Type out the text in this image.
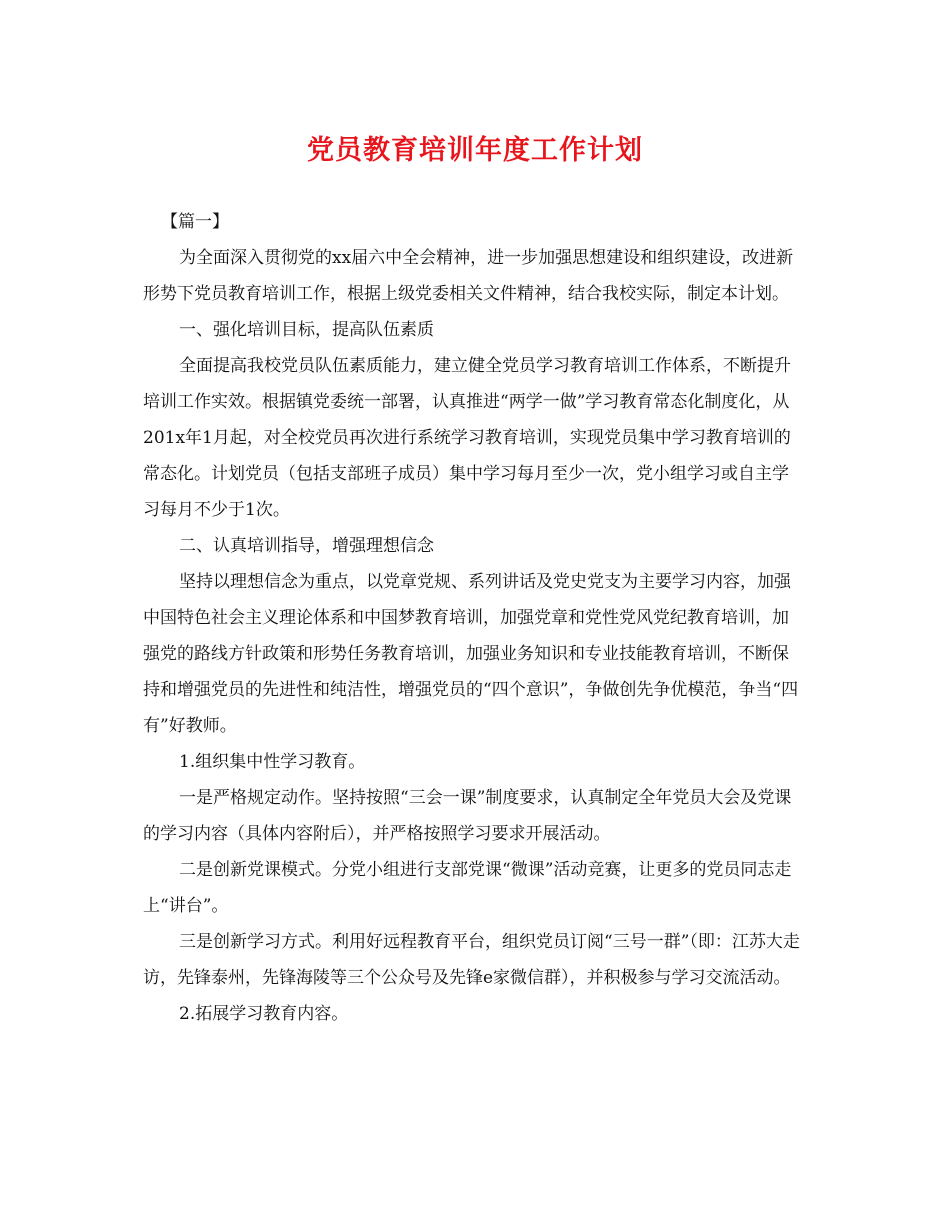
党员教育培训年度工作计划

【篇一】

为全面深入贯彻党的xx届六中全会精神，进一步加强思想建设和组织建设，改进新形势下党员教育培训工作，根据上级党委相关文件精神，结合我校实际，制定本计划。

一、强化培训目标，提高队伍素质

全面提高我校党员队伍素质能力，建立健全党员学习教育培训工作体系，不断提升培训工作实效。根据镇党委统一部署，认真推进“两学一做”学习教育常态化制度化，从201x年1月起，对全校党员再次进行系统学习教育培训，实现党员集中学习教育培训的常态化。计划党员（包括支部班子成员）集中学习每月至少一次，党小组学习或自主学习每月不少于1次。

二、认真培训指导，增强理想信念

坚持以理想信念为重点，以党章党规、系列讲话及党史党支为主要学习内容，加强中国特色社会主义理论体系和中国梦教育培训，加强党章和党性党风党纪教育培训，加强党的路线方针政策和形势任务教育培训，加强业务知识和专业技能教育培训，不断保持和增强党员的先进性和纯洁性，增强党员的“四个意识”，争做创先争优模范，争当“四有”好教师。

1.组织集中性学习教育。

一是严格规定动作。坚持按照“三会一课”制度要求，认真制定全年党员大会及党课的学习内容（具体内容附后），并严格按照学习要求开展活动。

二是创新党课模式。分党小组进行支部党课“微课”活动竞赛，让更多的党员同志走上“讲台”。

三是创新学习方式。利用好远程教育平台，组织党员订阅“三号一群”（即：江苏大走访，先锋泰州，先锋海陵等三个公众号及先锋e家微信群），并积极参与学习交流活动。

2.拓展学习教育内容。
